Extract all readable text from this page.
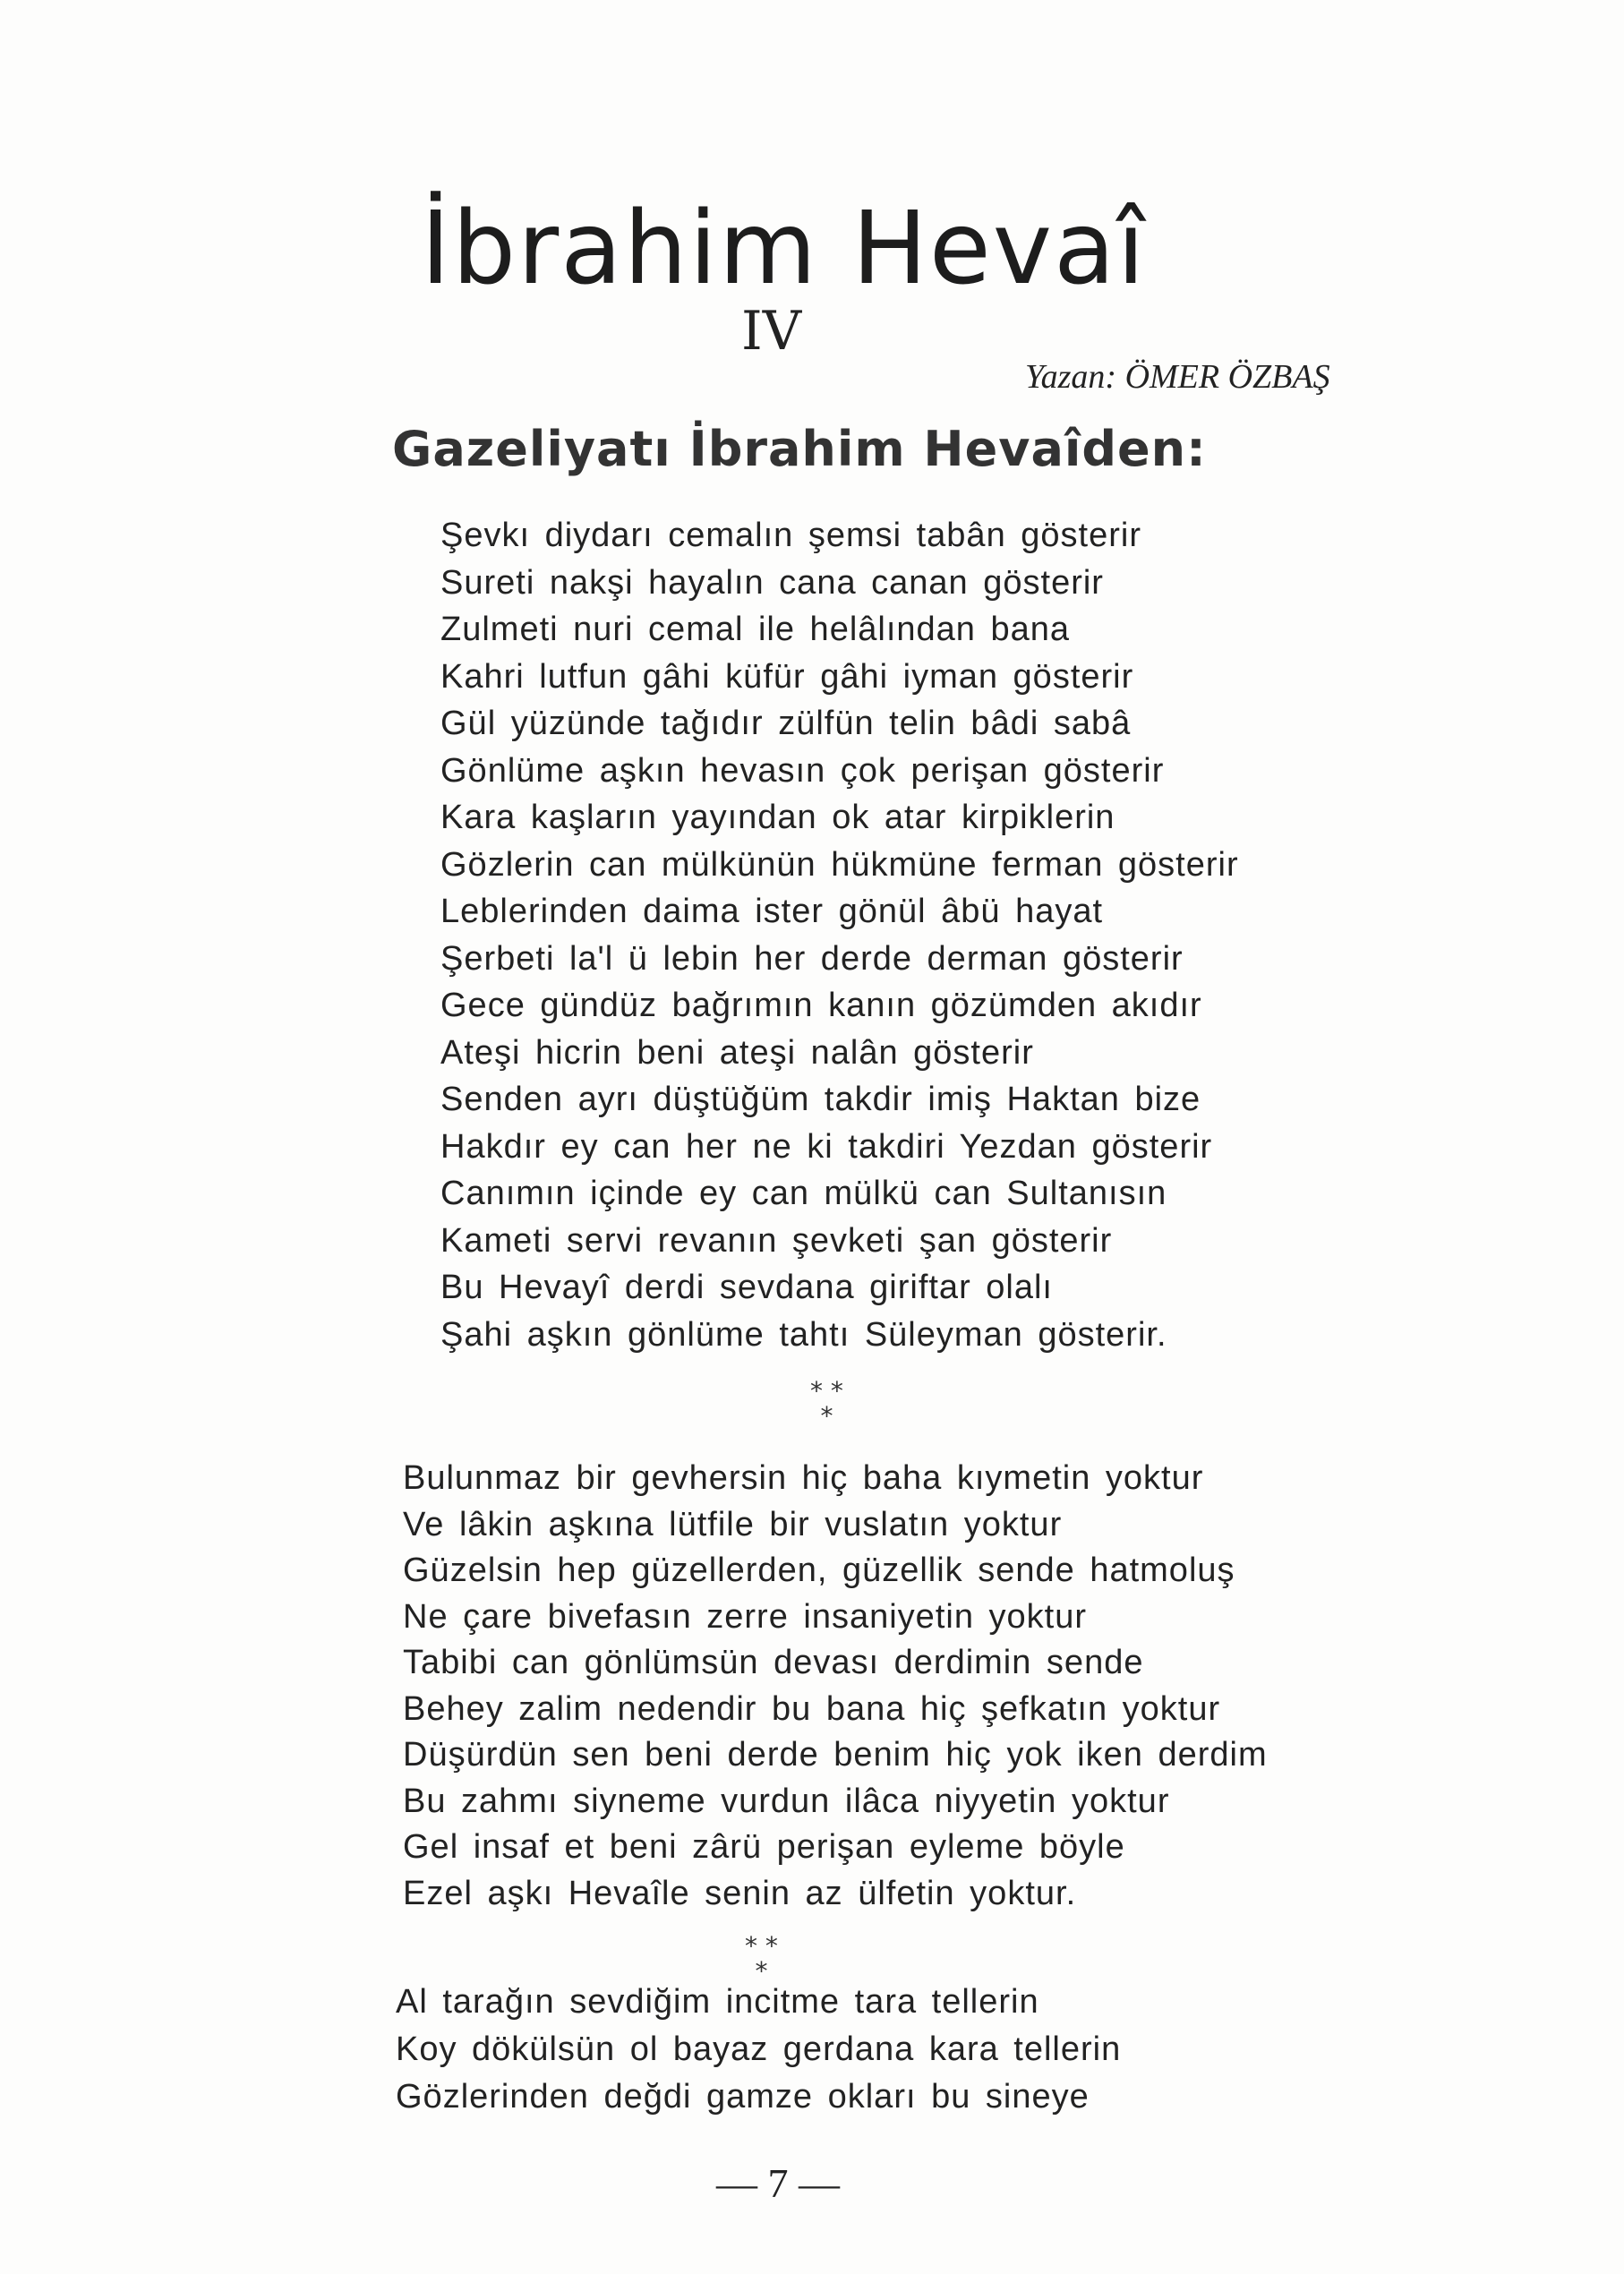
İbrahim Hevaî
IV
Yazan: ÖMER ÖZBAŞ
Gazeliyatı İbrahim Hevaîden:
Şevkı diydarı cemalın şemsi tabân gösterir
Sureti nakşi hayalın cana canan gösterir
Zulmeti nuri cemal ile helâlından bana
Kahri lutfun gâhi küfür gâhi iyman gösterir
Gül yüzünde tağıdır zülfün telin bâdi sabâ
Gönlüme aşkın hevasın çok perişan gösterir
Kara kaşların yayından ok atar kirpiklerin
Gözlerin can mülkünün hükmüne ferman gösterir
Leblerinden daima ister gönül âbü hayat
Şerbeti la'l ü lebin her derde derman gösterir
Gece gündüz bağrımın kanın gözümden akıdır
Ateşi hicrin beni ateşi nalân gösterir
Senden ayrı düştüğüm takdir imiş Haktan bize
Hakdır ey can her ne ki takdiri Yezdan gösterir
Canımın içinde ey can mülkü can Sultanısın
Kameti servi revanın şevketi şan gösterir
Bu Hevayî derdi sevdana giriftar olalı
Şahi aşkın gönlüme tahtı Süleyman gösterir.
* *
*
Bulunmaz bir gevhersin hiç baha kıymetin yoktur
Ve lâkin aşkına lütfile bir vuslatın yoktur
Güzelsin hep güzellerden, güzellik sende hatmoluş
Ne çare bivefasın zerre insaniyetin yoktur
Tabibi can gönlümsün devası derdimin sende
Behey zalim nedendir bu bana hiç şefkatın yoktur
Düşürdün sen beni derde benim hiç yok iken derdim
Bu zahmı siyneme vurdun ilâca niyyetin yoktur
Gel insaf et beni zârü perişan eyleme böyle
Ezel aşkı Hevaîle senin az ülfetin yoktur.
* *
*
Al tarağın sevdiğim incitme tara tellerin
Koy dökülsün ol bayaz gerdana kara tellerin
Gözlerinden değdi gamze okları bu sineye
— 7 —
